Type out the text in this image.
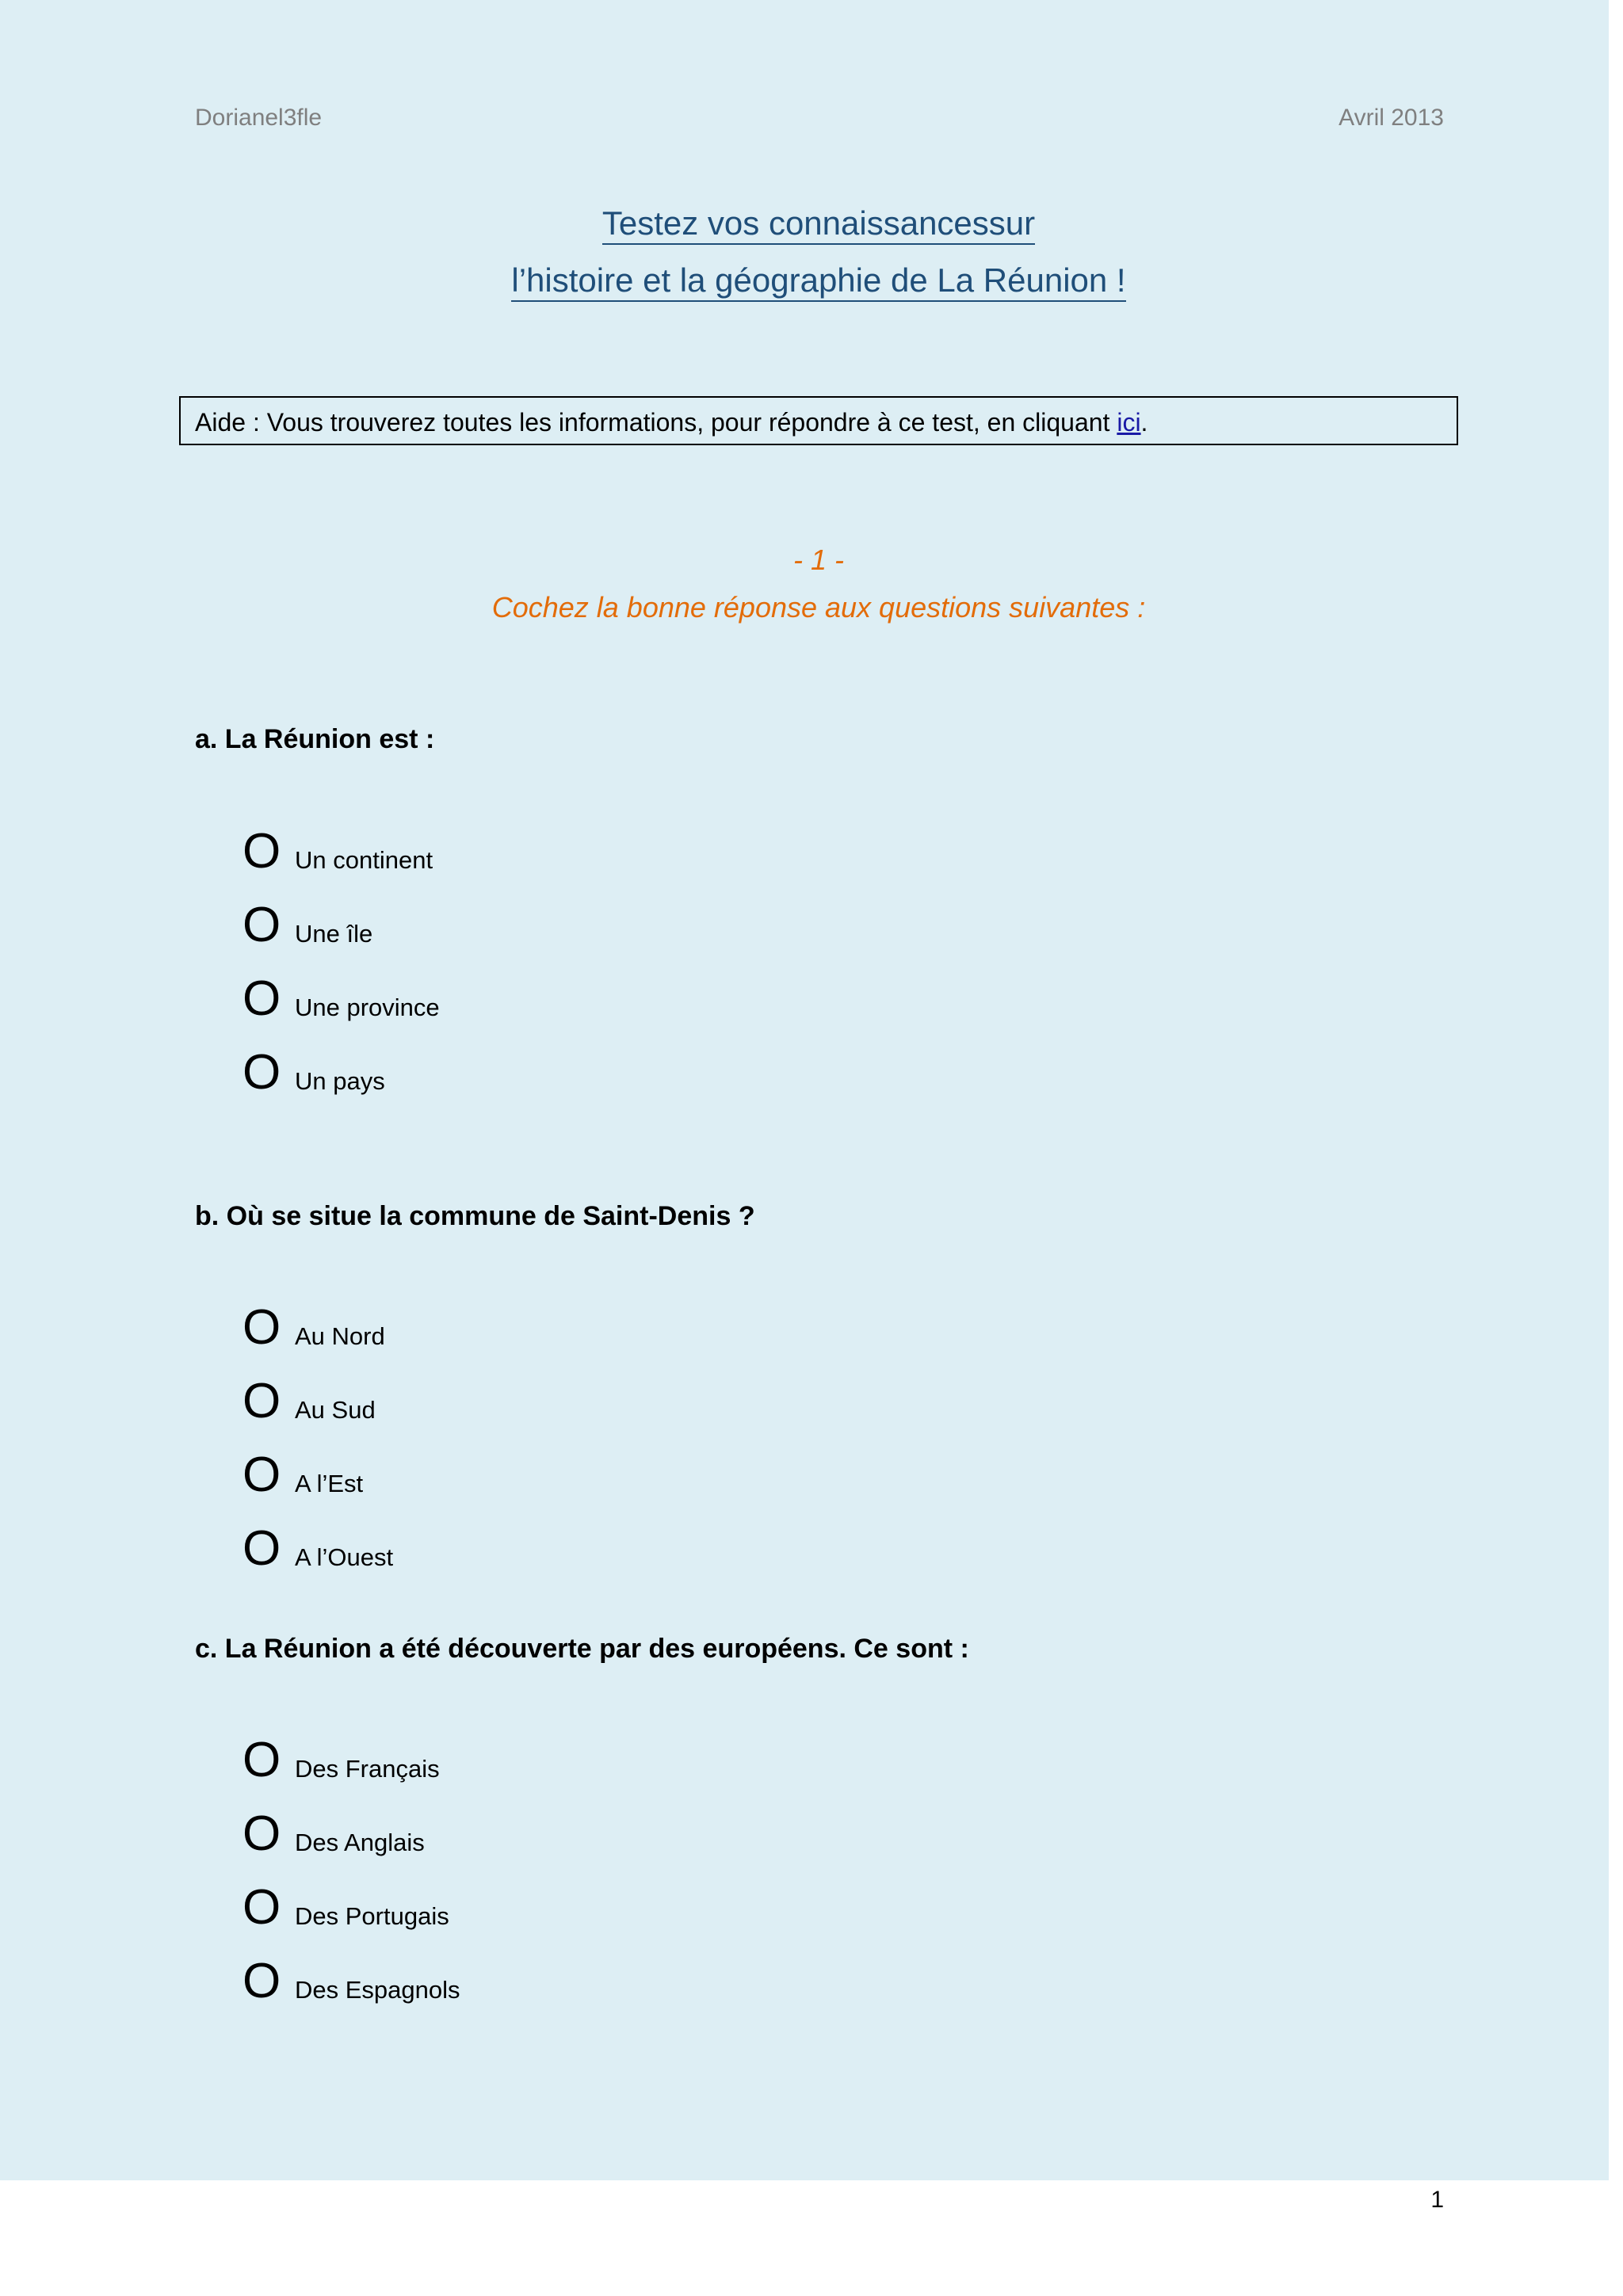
Dorianel3fle	Avril 2013
Testez vos connaissancessur
l’histoire et la géographie de La Réunion !
Aide : Vous trouverez toutes les informations, pour répondre à ce test, en cliquant ici.
- 1 -
Cochez la bonne réponse aux questions suivantes :
a. La Réunion est :
O Un continent
O Une île
O Une province
O Un pays
b. Où se situe la commune de Saint-Denis ?
O Au Nord
O Au Sud
O A l’Est
O A l’Ouest
c. La Réunion a été découverte par des européens. Ce sont :
O Des Français
O Des Anglais
O Des Portugais
O Des Espagnols
1
